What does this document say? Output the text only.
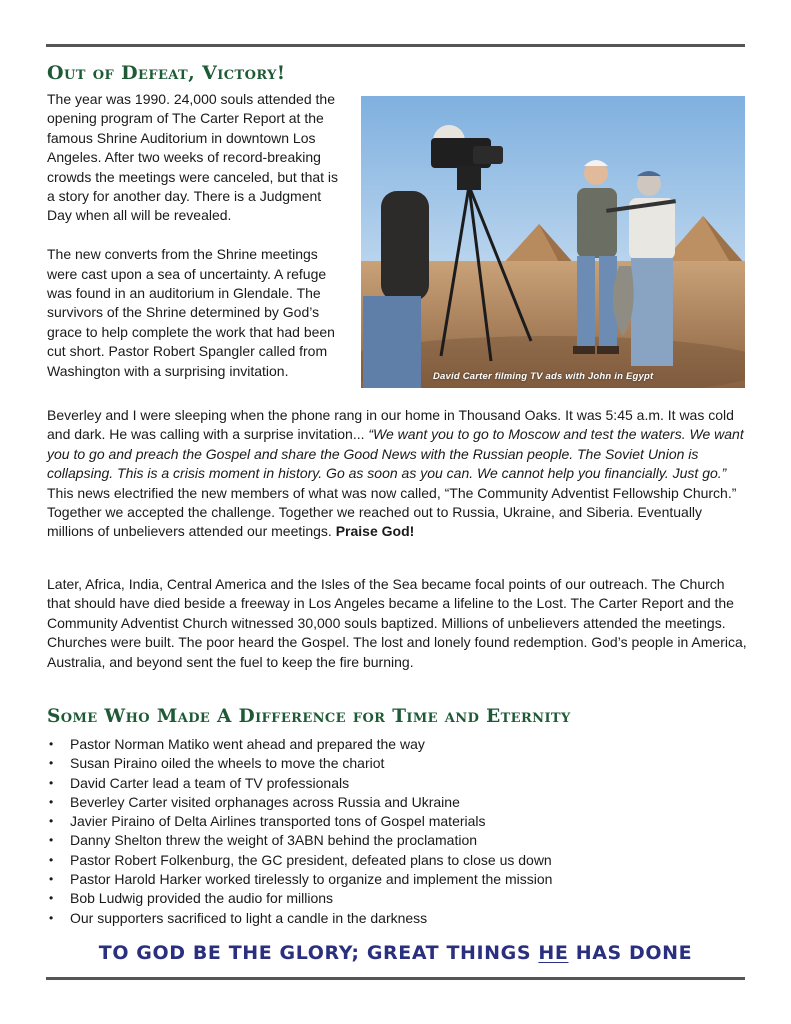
Out of Defeat, Victory!

The year was 1990. 24,000 souls attended the opening program of The Carter Report at the famous Shrine Auditorium in downtown Los Angeles. After two weeks of record-breaking crowds the meetings were canceled, but that is a story for another day. There is a Judgment Day when all will be revealed.

The new converts from the Shrine meetings were cast upon a sea of uncertainty. A refuge was found in an auditorium in Glendale. The survivors of the Shrine determined by God’s grace to help complete the work that had been cut short. Pastor Robert Spangler called from Washington with a surprising invitation.	David Carter filming TV ads with John in Egypt

Beverley and I were sleeping when the phone rang in our home in Thousand Oaks. It was 5:45 a.m. It was cold and dark. He was calling with a surprise invitation... “We want you to go to Moscow and test the waters. We want you to go and preach the Gospel and share the Good News with the Russian people. The Soviet Union is collapsing. This is a crisis moment in history. Go as soon as you can. We cannot help you financially. Just go.” This news electrified the new members of what was now called, “The Community Adventist Fellowship Church.” Together we accepted the challenge. Together we reached out to Russia, Ukraine, and Siberia. Eventually millions of unbelievers attended our meetings. Praise God!

Later, Africa, India, Central America and the Isles of the Sea became focal points of our outreach. The Church that should have died beside a freeway in Los Angeles became a lifeline to the Lost. The Carter Report and the Community Adventist Church witnessed 30,000 souls baptized. Millions of unbelievers attended the meetings. Churches were built. The poor heard the Gospel. The lost and lonely found redemption. God’s people in America, Australia, and beyond sent the fuel to keep the fire burning.

Some Who Made A Difference for Time and Eternity
• Pastor Norman Matiko went ahead and prepared the way
• Susan Piraino oiled the wheels to move the chariot
• David Carter lead a team of TV professionals
• Beverley Carter visited orphanages across Russia and Ukraine
• Javier Piraino of Delta Airlines transported tons of Gospel materials
• Danny Shelton threw the weight of 3ABN behind the proclamation
• Pastor Robert Folkenburg, the GC president, defeated plans to close us down
• Pastor Harold Harker worked tirelessly to organize and implement the mission
• Bob Ludwig provided the audio for millions
• Our supporters sacrificed to light a candle in the darkness

TO GOD BE THE GLORY; GREAT THINGS HE HAS DONE
